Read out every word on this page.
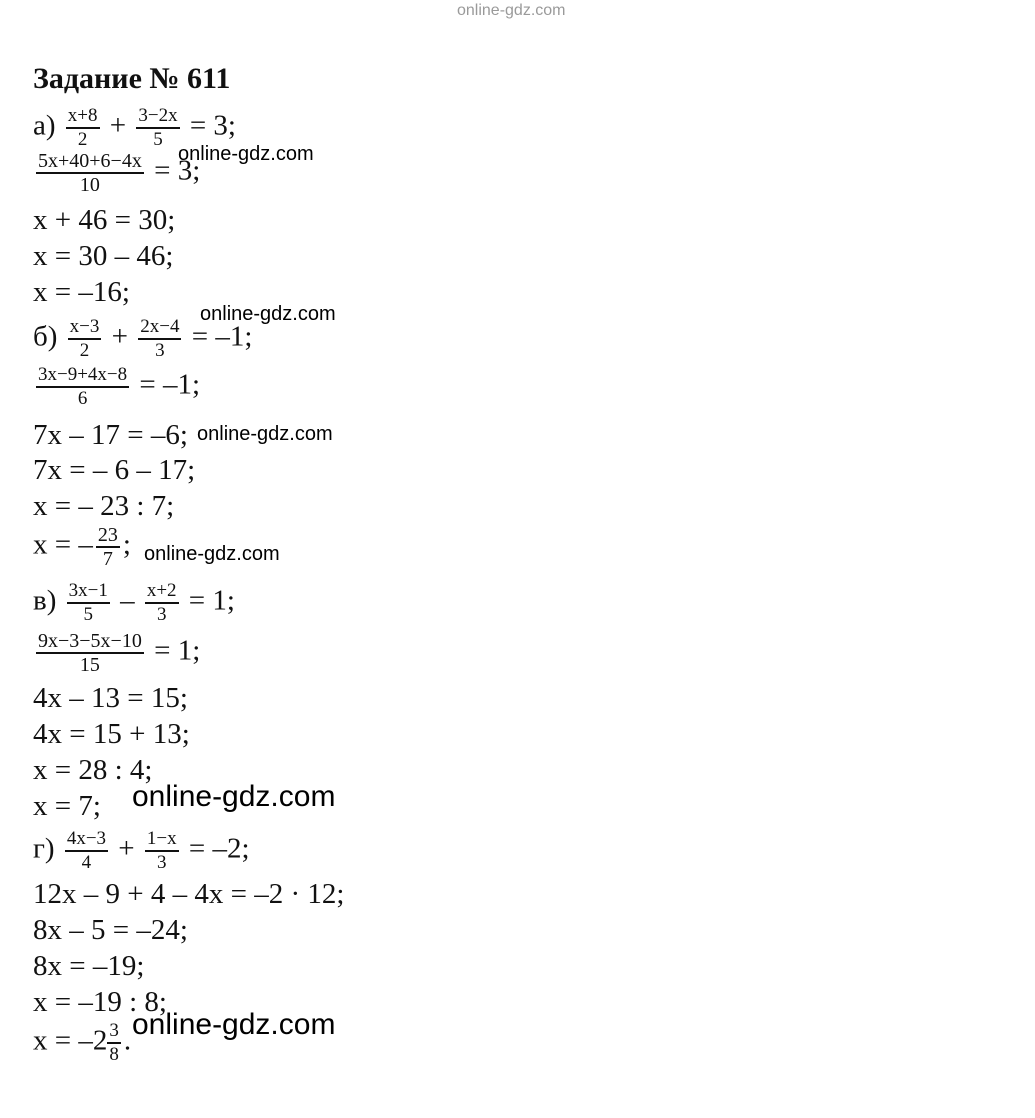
online-gdz.com
Задание № 611
$а) \frac{x+8}{2} + \frac{3-2x}{5} = 3$;
$\frac{5x+40+6-4x}{10} = 3$;
online-gdz.com
x + 46 = 30;
x = 30 – 46;
x = –16;
$б) \frac{x-3}{2} + \frac{2x-4}{3} = -1$;
online-gdz.com
$\frac{3x-9+4x-8}{6} = -1$;
7x – 17 = –6; online-gdz.com
7x = – 6 – 17;
x = – 23 : 7;
x = – $\frac{23}{7}$ ; online-gdz.com
$в) \frac{3x-1}{5} - \frac{x+2}{3} = 1$;
$\frac{9x-3-5x-10}{15} = 1$;
4x – 13 = 15;
4x = 15 + 13;
x = 28 : 4;
x = 7; online-gdz.com
$г) \frac{4x-3}{4} + \frac{1-x}{3} = -2$;
12x – 9 + 4 – 4x = –2 · 12;
8x – 5 = –24;
8x = –19;
x = –19 : 8;
$x = -2 \frac{3}{8}$ . online-gdz.com
